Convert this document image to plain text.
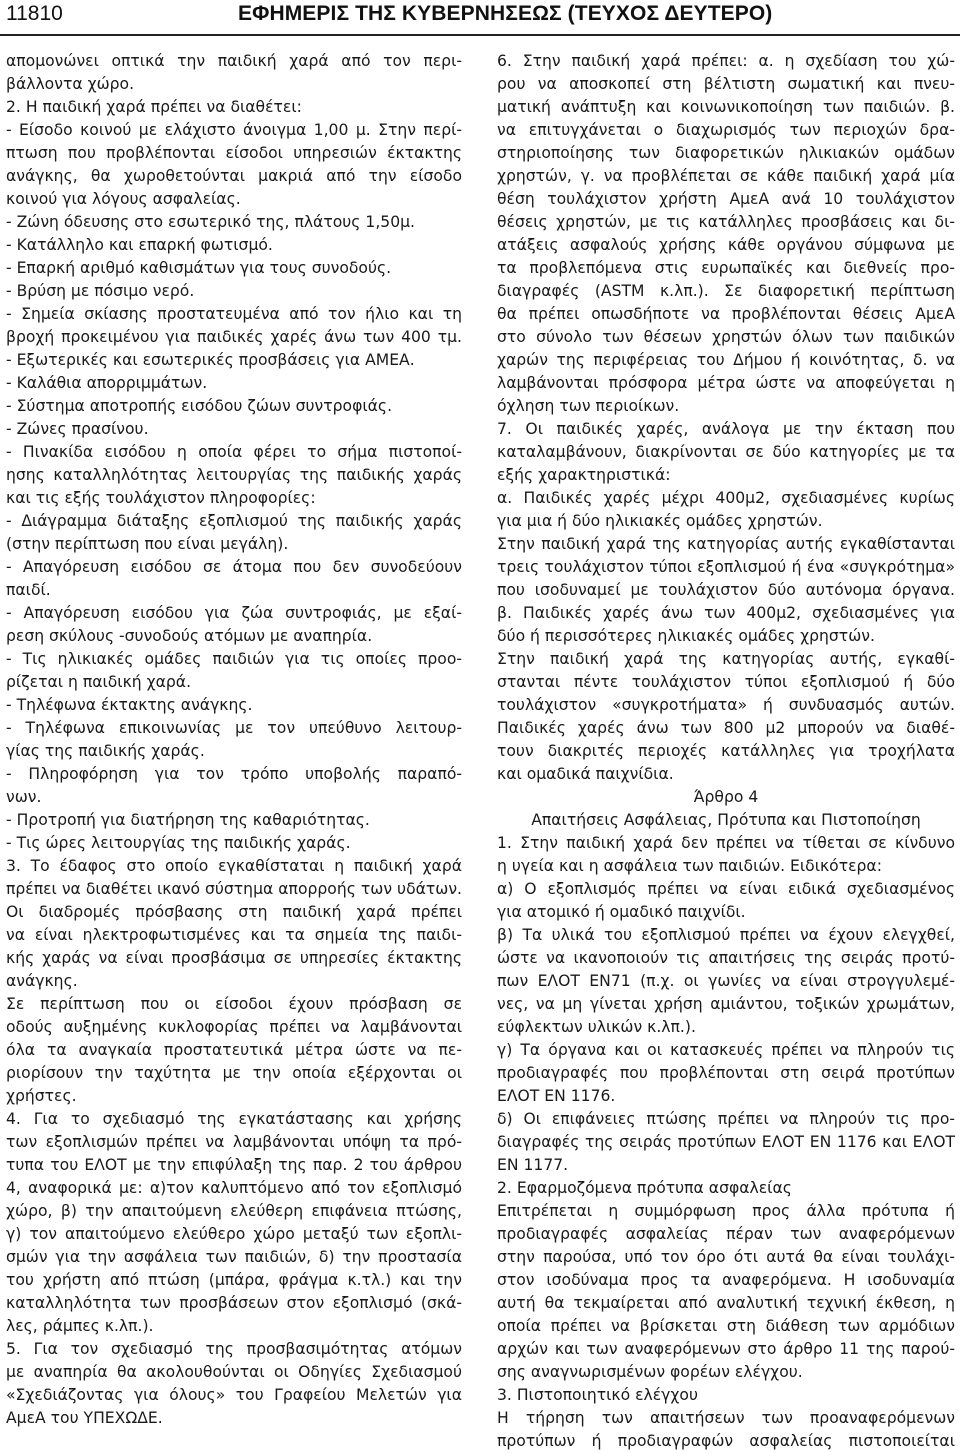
11810	ΕΦΗΜΕΡΙΣ ΤΗΣ ΚΥΒΕΡΝΗΣΕΩΣ (ΤΕΥΧΟΣ ΔΕΥΤΕΡΟ)
απομονώνει οπτικά την παιδική χαρά από τον περι-
βάλλοντα χώρο.
2. Η παιδική χαρά πρέπει να διαθέτει:
- Είσοδο κοινού με ελάχιστο άνοιγμα 1,00 μ. Στην περί-
πτωση που προβλέπονται είσοδοι υπηρεσιών έκτακτης
ανάγκης, θα χωροθετούνται μακριά από την είσοδο
κοινού για λόγους ασφαλείας.
- Ζώνη όδευσης στο εσωτερικό της, πλάτους 1,50μ.
- Κατάλληλο και επαρκή φωτισμό.
- Επαρκή αριθμό καθισμάτων για τους συνοδούς.
- Βρύση με πόσιμο νερό.
- Σημεία σκίασης προστατευμένα από τον ήλιο και τη
βροχή προκειμένου για παιδικές χαρές άνω των 400 τμ.
- Εξωτερικές και εσωτερικές προσβάσεις για ΑΜΕΑ.
- Καλάθια απορριμμάτων.
- Σύστημα αποτροπής εισόδου ζώων συντροφιάς.
- Ζώνες πρασίνου.
- Πινακίδα εισόδου η οποία φέρει το σήμα πιστοποί-
ησης καταλληλότητας λειτουργίας της παιδικής χαράς
και τις εξής τουλάχιστον πληροφορίες:
- Διάγραμμα διάταξης εξοπλισμού της παιδικής χαράς
(στην περίπτωση που είναι μεγάλη).
- Απαγόρευση εισόδου σε άτομα που δεν συνοδεύουν
παιδί.
- Απαγόρευση εισόδου για ζώα συντροφιάς, με εξαί-
ρεση σκύλους -συνοδούς ατόμων με αναπηρία.
- Τις ηλικιακές ομάδες παιδιών για τις οποίες προο-
ρίζεται η παιδική χαρά.
- Τηλέφωνα έκτακτης ανάγκης.
- Τηλέφωνα επικοινωνίας με τον υπεύθυνο λειτουρ-
γίας της παιδικής χαράς.
- Πληροφόρηση για τον τρόπο υποβολής παραπό-
νων.
- Προτροπή για διατήρηση της καθαριότητας.
- Τις ώρες λειτουργίας της παιδικής χαράς.
3. Το έδαφος στο οποίο εγκαθίσταται η παιδική χαρά
πρέπει να διαθέτει ικανό σύστημα απορροής των υδάτων.
Οι διαδρομές πρόσβασης στη παιδική χαρά πρέπει
να είναι ηλεκτροφωτισμένες και τα σημεία της παιδι-
κής χαράς να είναι προσβάσιμα σε υπηρεσίες έκτακτης
ανάγκης.
Σε περίπτωση που οι είσοδοι έχουν πρόσβαση σε
οδούς αυξημένης κυκλοφορίας πρέπει να λαμβάνονται
όλα τα αναγκαία προστατευτικά μέτρα ώστε να πε-
ριορίσουν την ταχύτητα με την οποία εξέρχονται οι
χρήστες.
4. Για το σχεδιασμό της εγκατάστασης και χρήσης
των εξοπλισμών πρέπει να λαμβάνονται υπόψη τα πρό-
τυπα του ΕΛΟΤ με την επιφύλαξη της παρ. 2 του άρθρου
4, αναφορικά με: α)τον καλυπτόμενο από τον εξοπλισμό
χώρο, β) την απαιτούμενη ελεύθερη επιφάνεια πτώσης,
γ) τον απαιτούμενο ελεύθερο χώρο μεταξύ των εξοπλι-
σμών για την ασφάλεια των παιδιών, δ) την προστασία
του χρήστη από πτώση (μπάρα, φράγμα κ.τλ.) και την
καταλληλότητα των προσβάσεων στον εξοπλισμό (σκά-
λες, ράμπες κ.λπ.).
5. Για τον σχεδιασμό της προσβασιμότητας ατόμων
με αναπηρία θα ακολουθούνται οι Οδηγίες Σχεδιασμού
«Σχεδιάζοντας για όλους» του Γραφείου Μελετών για
ΑμεΑ του ΥΠΕΧΩΔΕ.
6. Στην παιδική χαρά πρέπει: α. η σχεδίαση του χώ-
ρου να αποσκοπεί στη βέλτιστη σωματική και πνευ-
ματική ανάπτυξη και κοινωνικοποίηση των παιδιών. β.
να επιτυγχάνεται ο διαχωρισμός των περιοχών δρα-
στηριοποίησης των διαφορετικών ηλικιακών ομάδων
χρηστών, γ. να προβλέπεται σε κάθε παιδική χαρά μία
θέση τουλάχιστον χρήστη ΑμεΑ ανά 10 τουλάχιστον
θέσεις χρηστών, με τις κατάλληλες προσβάσεις και δι-
ατάξεις ασφαλούς χρήσης κάθε οργάνου σύμφωνα με
τα προβλεπόμενα στις ευρωπαϊκές και διεθνείς προ-
διαγραφές (ASTM κ.λπ.). Σε διαφορετική περίπτωση
θα πρέπει οπωσδήποτε να προβλέπονται θέσεις ΑμεΑ
στο σύνολο των θέσεων χρηστών όλων των παιδικών
χαρών της περιφέρειας του Δήμου ή κοινότητας, δ. να
λαμβάνονται πρόσφορα μέτρα ώστε να αποφεύγεται η
όχληση των περιοίκων.
7. Οι παιδικές χαρές, ανάλογα με την έκταση που
καταλαμβάνουν, διακρίνονται σε δύο κατηγορίες με τα
εξής χαρακτηριστικά:
α. Παιδικές χαρές μέχρι 400μ2, σχεδιασμένες κυρίως
για μια ή δύο ηλικιακές ομάδες χρηστών.
Στην παιδική χαρά της κατηγορίας αυτής εγκαθίστανται
τρεις τουλάχιστον τύποι εξοπλισμού ή ένα «συγκρότημα»
που ισοδυναμεί με τουλάχιστον δύο αυτόνομα όργανα.
β. Παιδικές χαρές άνω των 400μ2, σχεδιασμένες για
δύο ή περισσότερες ηλικιακές ομάδες χρηστών.
Στην παιδική χαρά της κατηγορίας αυτής, εγκαθί-
στανται πέντε τουλάχιστον τύποι εξοπλισμού ή δύο
τουλάχιστον «συγκροτήματα» ή συνδυασμός αυτών.
Παιδικές χαρές άνω των 800 μ2 μπορούν να διαθέ-
τουν διακριτές περιοχές κατάλληλες για τροχήλατα
και ομαδικά παιχνίδια.
Άρθρο 4
Απαιτήσεις Ασφάλειας, Πρότυπα και Πιστοποίηση
1. Στην παιδική χαρά δεν πρέπει να τίθεται σε κίνδυνο
η υγεία και η ασφάλεια των παιδιών. Ειδικότερα:
α) Ο εξοπλισμός πρέπει να είναι ειδικά σχεδιασμένος
για ατομικό ή ομαδικό παιχνίδι.
β) Τα υλικά του εξοπλισμού πρέπει να έχουν ελεγχθεί,
ώστε να ικανοποιούν τις απαιτήσεις της σειράς προτύ-
πων ΕΛΟΤ ΕΝ71 (π.χ. οι γωνίες να είναι στρογγυλεμέ-
νες, να μη γίνεται χρήση αμιάντου, τοξικών χρωμάτων,
εύφλεκτων υλικών κ.λπ.).
γ) Τα όργανα και οι κατασκευές πρέπει να πληρούν τις
προδιαγραφές που προβλέπονται στη σειρά προτύπων
ΕΛΟΤ ΕΝ 1176.
δ) Οι επιφάνειες πτώσης πρέπει να πληρούν τις προ-
διαγραφές της σειράς προτύπων ΕΛΟΤ ΕΝ 1176 και ΕΛΟΤ
ΕΝ 1177.
2. Εφαρμοζόμενα πρότυπα ασφαλείας
Επιτρέπεται η συμμόρφωση προς άλλα πρότυπα ή
προδιαγραφές ασφαλείας πέραν των αναφερόμενων
στην παρούσα, υπό τον όρο ότι αυτά θα είναι τουλάχι-
στον ισοδύναμα προς τα αναφερόμενα. Η ισοδυναμία
αυτή θα τεκμαίρεται από αναλυτική τεχνική έκθεση, η
οποία πρέπει να βρίσκεται στη διάθεση των αρμόδιων
αρχών και των αναφερόμενων στο άρθρο 11 της παρού-
σης αναγνωρισμένων φορέων ελέγχου.
3. Πιστοποιητικό ελέγχου
Η τήρηση των απαιτήσεων των προαναφερόμενων
προτύπων ή προδιαγραφών ασφαλείας πιστοποιείται
